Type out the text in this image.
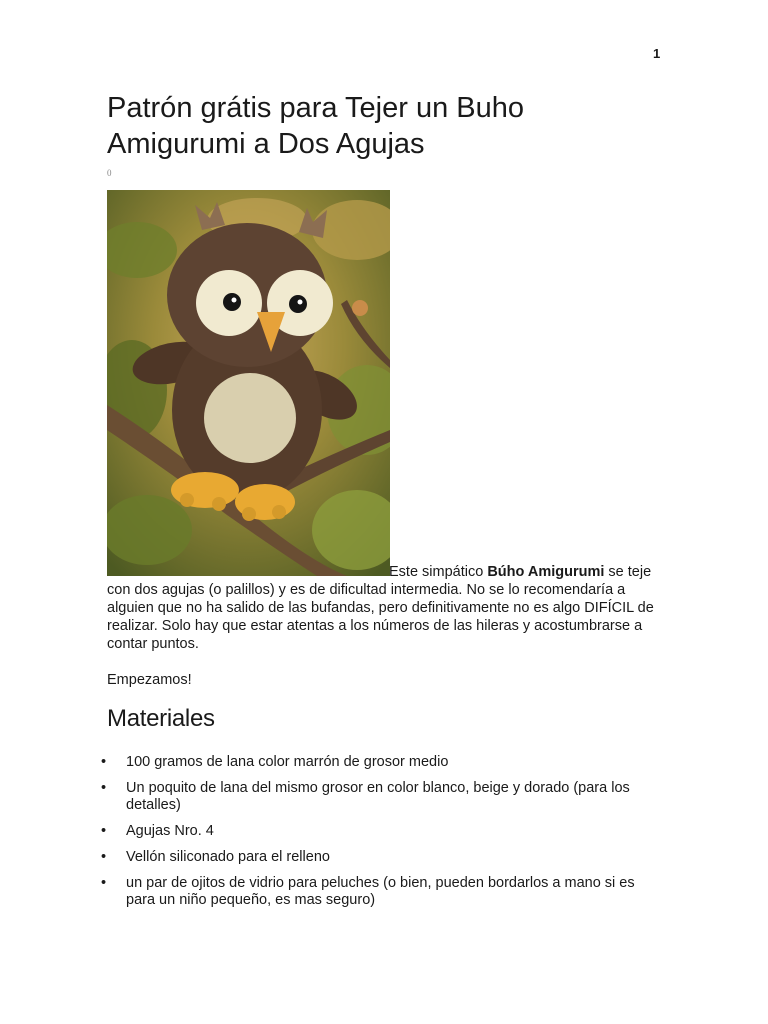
1
Patrón grátis para Tejer un Buho Amigurumi a Dos Agujas
0

Este simpático Búho Amigurumi se teje con dos agujas (o palillos) y es de dificultad intermedia. No se lo recomendaría a alguien que no ha salido de las bufandas, pero definitivamente no es algo DIFÍCIL de realizar. Solo hay que estar atentas a los números de las hileras y acostumbrarse a contar puntos.

Empezamos!

Materiales
• 100 gramos de lana color marrón de grosor medio
• Un poquito de lana del mismo grosor en color blanco, beige y dorado (para los detalles)
• Agujas Nro. 4
• Vellón siliconado para el relleno
• un par de ojitos de vidrio para peluches (o bien, pueden bordarlos a mano si es para un niño pequeño, es mas seguro)
